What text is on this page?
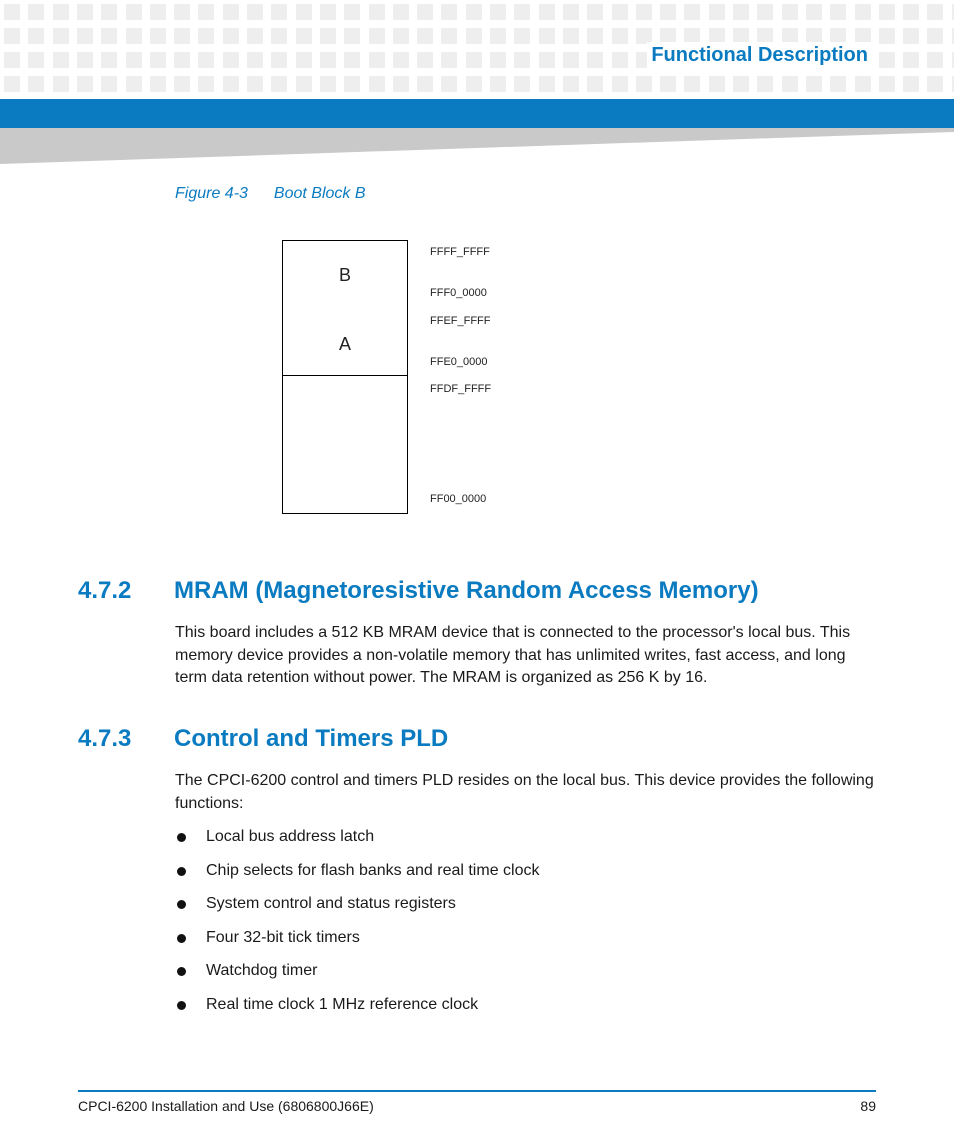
Functional Description
Figure 4-3 Boot Block B
B
A
FFFF_FFFF
FFF0_0000
FFEF_FFFF
FFE0_0000
FFDF_FFFF
FF00_0000
4.7.2 MRAM (Magnetoresistive Random Access Memory)

This board includes a 512 KB MRAM device that is connected to the processor's local bus. This memory device provides a non-volatile memory that has unlimited writes, fast access, and long term data retention without power. The MRAM is organized as 256 K by 16.

4.7.3 Control and Timers PLD

The CPCI-6200 control and timers PLD resides on the local bus. This device provides the following functions:

Local bus address latch
Chip selects for flash banks and real time clock
System control and status registers
Four 32-bit tick timers
Watchdog timer
Real time clock 1 MHz reference clock
CPCI-6200 Installation and Use (6806800J66E)	89
